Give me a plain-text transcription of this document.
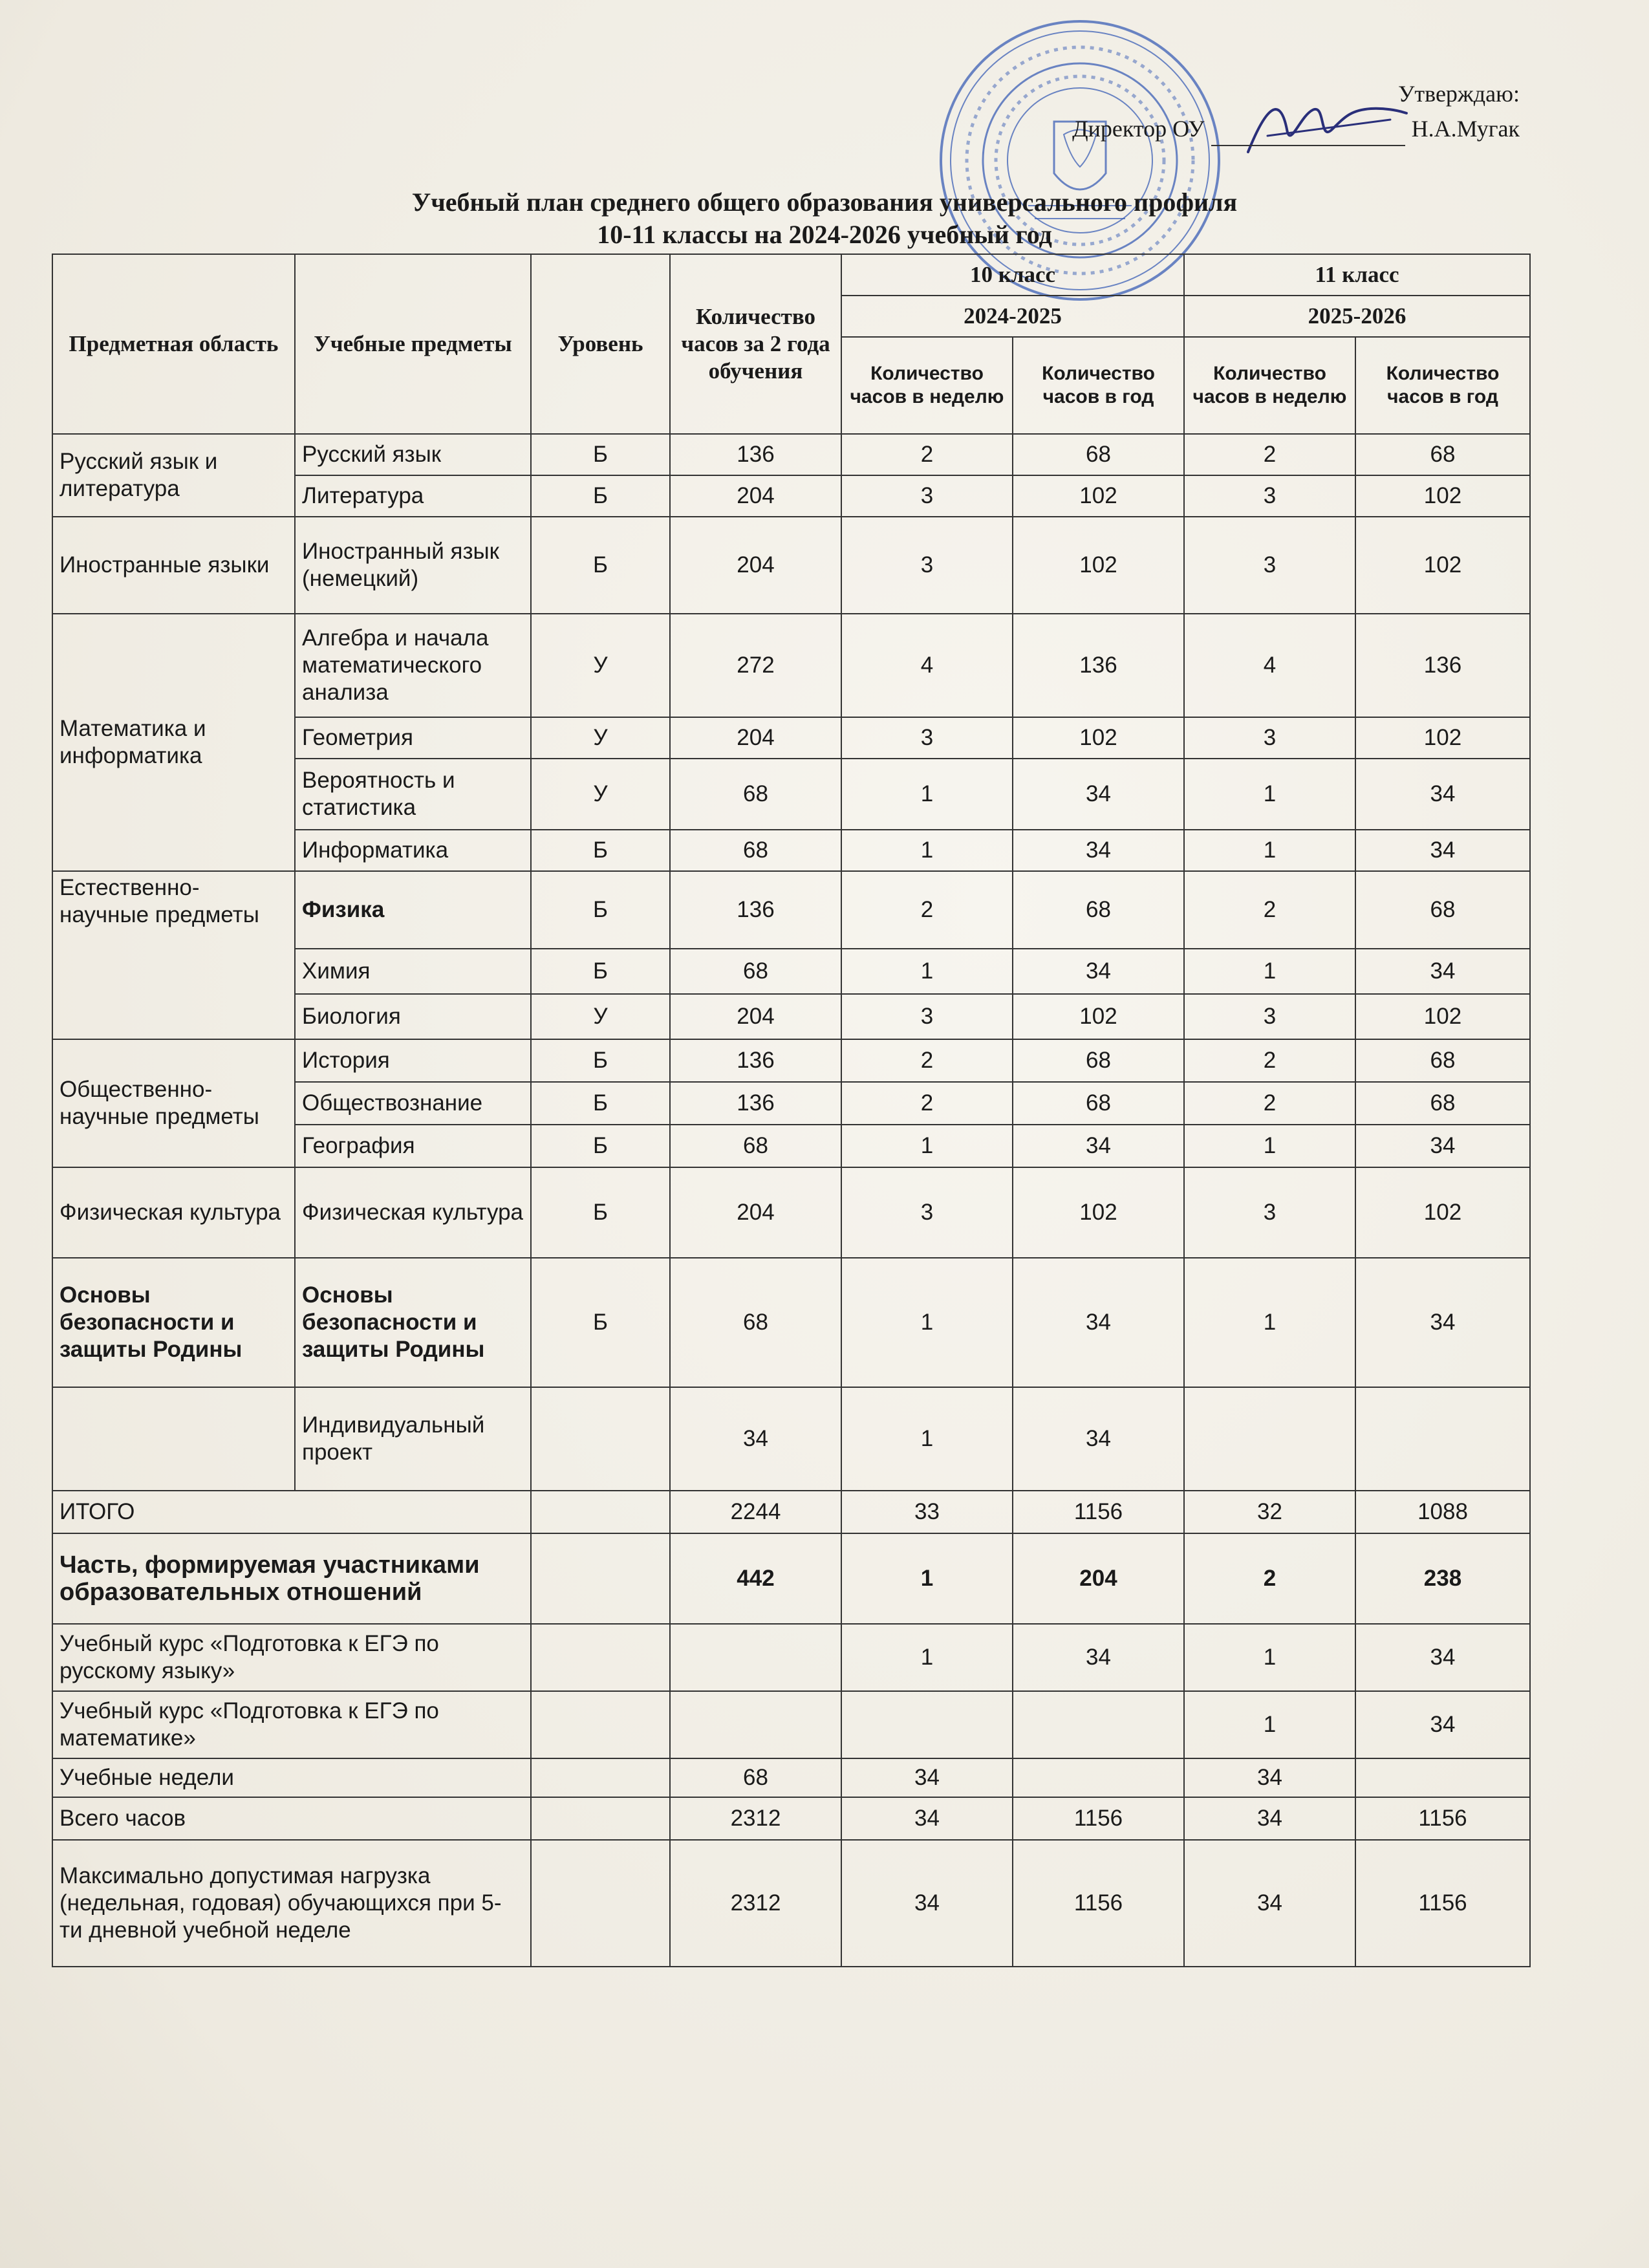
Утверждаю:
Директор ОУ	Н.А.Мугак
Учебный план среднего общего образования универсального профиля
10-11 классы на 2024-2026 учебный год
Предметная область	Учебные предметы	Уровень	Количество часов за 2 года обучения	10 класс		11 класс	
				2024-2025		2025-2026	
				Количество часов в неделю	Количество часов в год	Количество часов в неделю	Количество часов в год
Русский язык и литература	Русский язык	Б	136	2	68	2	68
	Литература	Б	204	3	102	3	102
Иностранные языки	Иностранный язык (немецкий)	Б	204	3	102	3	102
Математика и информатика	Алгебра и начала математического анализа	У	272	4	136	4	136
	Геометрия	У	204	3	102	3	102
	Вероятность и статистика	У	68	1	34	1	34
	Информатика	Б	68	1	34	1	34
Естественно-научные предметы	Физика	Б	136	2	68	2	68
	Химия	Б	68	1	34	1	34
	Биология	У	204	3	102	3	102
Общественно-научные предметы	История	Б	136	2	68	2	68
	Обществознание	Б	136	2	68	2	68
	География	Б	68	1	34	1	34
Физическая культура	Физическая культура	Б	204	3	102	3	102
Основы безопасности и защиты Родины	Основы безопасности и защиты Родины	Б	68	1	34	1	34
	Индивидуальный проект		34	1	34		
ИТОГО			2244	33	1156	32	1088
Часть, формируемая участниками образовательных отношений			442	1	204	2	238
Учебный курс «Подготовка к ЕГЭ по русскому языку»				1	34	1	34
Учебный курс «Подготовка к ЕГЭ по математике»						1	34
Учебные недели			68	34		34	
Всего часов			2312	34	1156	34	1156
Максимально допустимая нагрузка (недельная, годовая) обучающихся при 5-ти дневной учебной неделе			2312	34	1156	34	1156
